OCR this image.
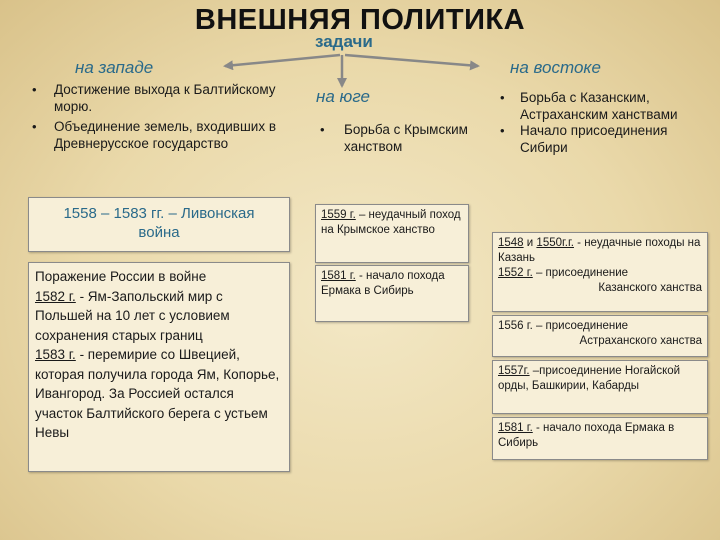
ВНЕШНЯЯ ПОЛИТИКА
задачи
на западе
• Достижение выхода к Балтийскому морю.
• Объединение земель, входивших в Древнерусское государство
1558 – 1583 гг. – Ливонская война
Поражение России в войне
1582 г. - Ям-Запольский мир с Польшей на 10 лет с условием сохранения старых границ
1583 г. - перемирие со Швецией, которая получила города Ям, Копорье, Ивангород. За Россией остался участок Балтийского берега с устьем Невы
на юге
• Борьба с Крымским ханством
1559 г. – неудачный поход на Крымское ханство
1581 г. - начало похода Ермака в Сибирь
на востоке
• Борьба с Казанским, Астраханским ханствами
• Начало присоединения Сибири
1548 и 1550г.г. - неудачные походы на Казань
1552 г. – присоединение

Казанского ханства
1556 г. – присоединение
Астраханского ханства
1557г. –присоединение Ногайской орды, Башкирии, Кабарды
1581 г. - начало похода Ермака в Сибирь
